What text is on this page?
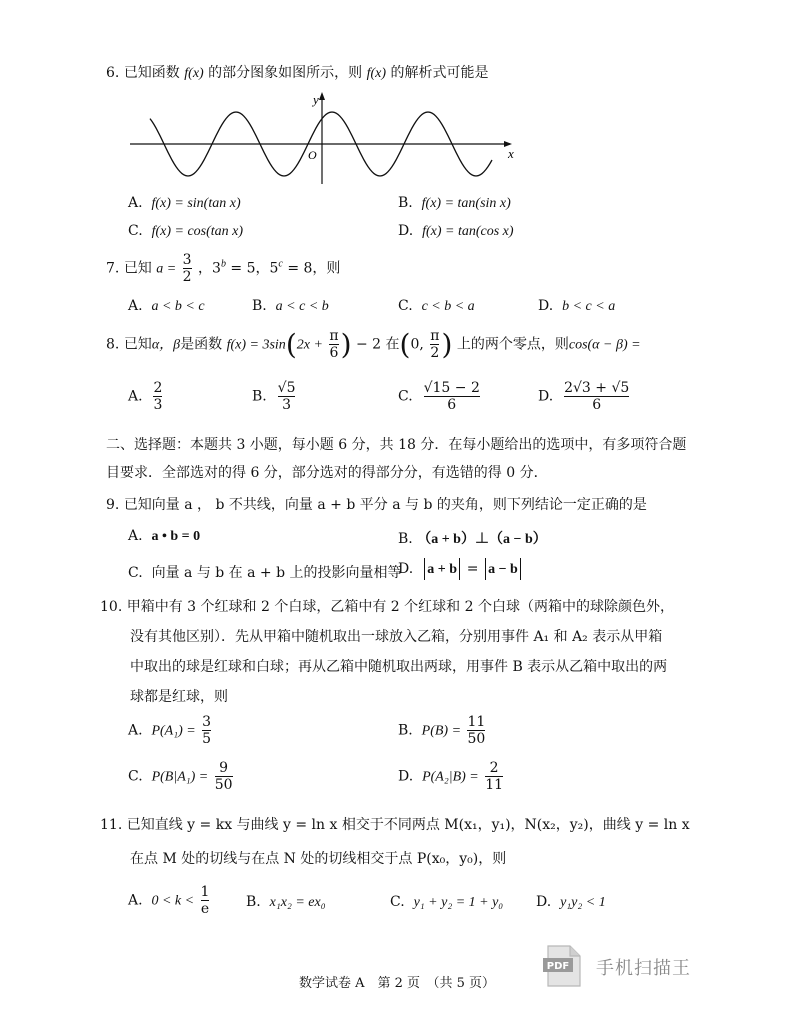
6. 已知函数 f(x) 的部分图象如图所示，则 f(x) 的解析式可能是
y
x
O
A. f(x) = sin(tan x)	B. f(x) = tan(sin x)
C. f(x) = cos(tan x)	D. f(x) = tan(cos x)
7. 已知 $a = \frac{3}{2}$ ，$3^b = 5$，$5^c = 8$，则
A. a < b < c	B. a < c < b	C. c < b < a	D. b < c < a
8. 已知α，β是函数 $f(x) = 3\sin(2x + \frac{\pi}{6}$ ) − 2 在(0, $\frac{\pi}{2}$ ) 上的两个零点，则cos(α − β) =
A. $\frac{2}{3}$	B. $\frac{√5}{3}$	C. $\frac{√15 - 2}{6}$	D. $\frac{2√3 + √5}{6}$
二、选择题：本题共 3 小题，每小题 6 分，共 18 分．在每小题给出的选项中，有多项符合题
目要求．全部选对的得 6 分，部分选对的得部分分，有选错的得 0 分．
9. 已知向量 a ， b 不共线，向量 a + b 平分 a 与 b 的夹角，则下列结论一定正确的是
A. a • b = 0	B. （a + b）⊥（a − b）
C. 向量 a 与 b 在 a + b 上的投影向量相等
D. a + b = a − b
10. 甲箱中有 3 个红球和 2 个白球，乙箱中有 2 个红球和 2 个白球（两箱中的球除颜色外，
没有其他区别）．先从甲箱中随机取出一球放入乙箱，分别用事件 A₁ 和 A₂ 表示从甲箱
中取出的球是红球和白球；再从乙箱中随机取出两球，用事件 B 表示从乙箱中取出的两
球都是红球，则
A. $P(A_1) = \frac{3}{5}$	B. $P(B) = \frac{11}{50}$
C. $P(B|A_1) = \frac{9}{50}$	D. $P(A_2|B) = \frac{2}{11}$
11. 已知直线 y = kx 与曲线 y = ln x 相交于不同两点 M(x₁，y₁)，N(x₂，y₂)，曲线 y = ln x
在点 M 处的切线与在点 N 处的切线相交于点 P(x₀，y₀)，则
A. $0 < k < \frac{1}{e}$	B. x₁x₂ = ex₀	C. y₁ + y₂ = 1 + y₀ D. y₁y₂ < 1
PDF 手机扫描王
数学试卷 A　第 2 页　（共 5 页）
